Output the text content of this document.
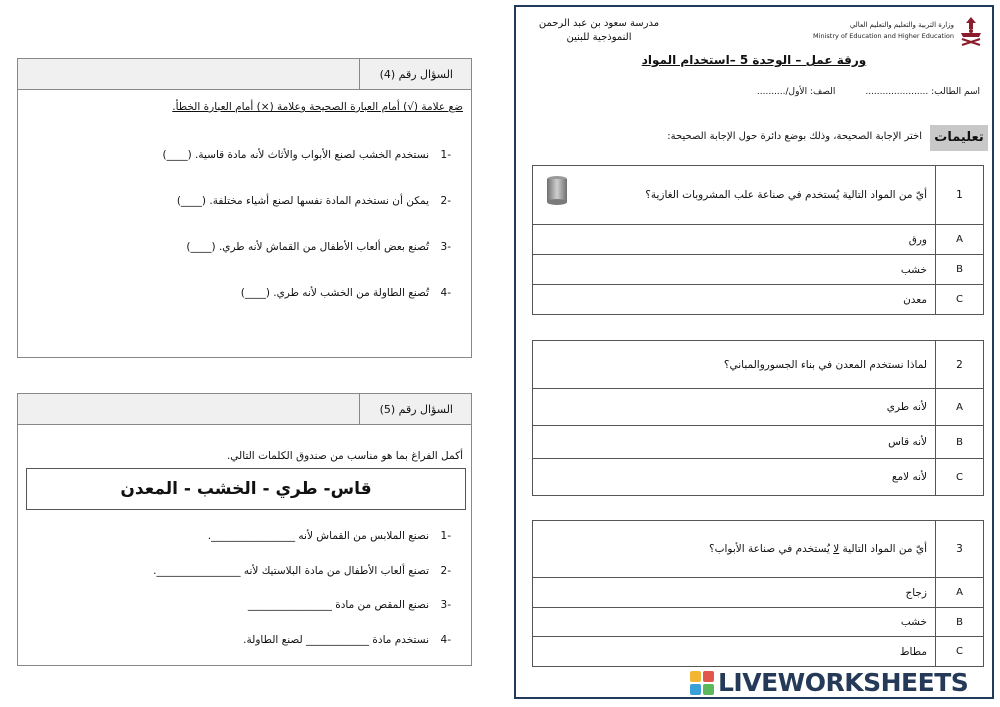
السؤال رقم (4)
ضع علامة (√) أمام العبارة الصحيحة وعلامة (×) أمام العبارة الخطأ.
-1نستخدم الخشب لصنع الأبواب والأثاث لأنه مادة قاسية. (____)
-2يمكن أن نستخدم المادة نفسها لصنع أشياء مختلفة. (____)
-3تُصنع بعض ألعاب الأطفال من القماش لأنه طري. (____)
-4تُصنع الطاولة من الخشب لأنه طري. (____)
السؤال رقم (5)
أكمل الفراغ بما هو مناسب من صندوق الكلمات التالي.
قاس- طري - الخشب - المعدن
-1نصنع الملابس من القماش لأنه ________________.
-2تصنع ألعاب الأطفال من مادة البلاستيك لأنه ________________.
-3نصنع المقص من مادة ________________
-4نستخدم مادة ____________ لصنع الطاولة.
مدرسة سعود بن عبد الرحمن
النموذجية للبنين
وزارة التربية والتعليم والتعليم العالي
Ministry of Education and Higher Education
ورقة عمل – الوحدة 5 –استخدام المواد
اسم الطالب: ......................الصف: الأول/..........
تعليمات
اختر الإجابة الصحيحة، وذلك بوضع دائرة حول الإجابة الصحيحة:
1	أيّ من المواد التالية يُستخدم في صناعة علب المشروبات الغازية؟

A	ورق
B	خشب
C	معدن
2	لماذا نستخدم المعدن في بناء الجسوروالمباني؟
A	لأنه طري
B	لأنه قاس
C	لأنه لامع
3	أيّ من المواد التالية لا يُستخدم في صناعة الأبواب؟
A	زجاج
B	خشب
C	مطاط
LIVEWORKSHEETS
